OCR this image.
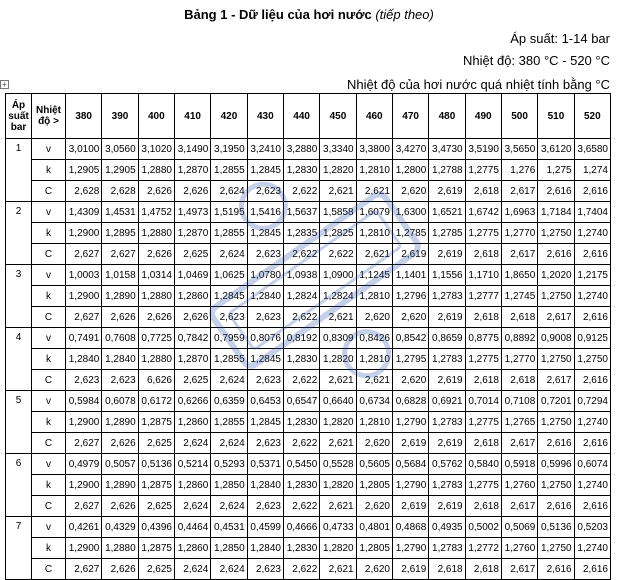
Bảng 1 - Dữ liệu của hơi nước (tiếp theo)
Áp suất: 1-14 bar
Nhiệt độ: 380 °C - 520 °C
Nhiệt độ của hơi nước quá nhiệt tính bằng °C
+
Áp suất bar	Nhiệt độ >	380	390	400	410	420	430	440	450	460	470	480	490	500	510	520
1	v	3,0100	3,0560	3,1020	3,1490	3,1950	3,2410	3,2880	3,3340	3,3800	3,4270	3,4730	3,5190	3,5650	3,6120	3,6580
	k	1,2905	1,2905	1,2880	1,2870	1,2855	1,2845	1,2830	1,2820	1,2810	1,2800	1,2788	1,2775	1,276	1,275	1,274
	C	2,628	2,628	2,626	2,626	2,624	2,623	2,622	2,621	2,621	2,620	2,619	2,618	2,617	2,616	2,616
2	v	1,4309	1,4531	1,4752	1,4973	1,5195	1,5416	1,5637	1,5858	1,6079	1,6300	1,6521	1,6742	1,6963	1,7184	1,7404
	k	1,2900	1,2895	1,2880	1,2870	1,2855	1,2845	1,2835	1,2825	1,2810	1,2785	1,2785	1,2775	1,2770	1,2750	1,2740
	C	2,627	2,627	2,626	2,625	2,624	2,623	2,622	2,622	2,621	2,619	2,619	2,618	2,617	2,616	2,616
3	v	1,0003	1,0158	1,0314	1,0469	1,0625	1,0780	1,0938	1,0900	1,1245	1,1401	1,1556	1,1710	1,8650	1,2020	1,2175
	k	1,2900	1,2890	1,2880	1,2860	1,2845	1,2840	1,2824	1,2824	1,2810	1,2796	1,2783	1,2777	1,2745	1,2750	1,2740
	C	2,627	2,626	2,626	2,626	2,623	2,623	2,622	2,621	2,620	2,620	2,619	2,618	2,618	2,617	2,616
4	v	0,7491	0,7608	0,7725	0,7842	0,7959	0,8076	0,8192	0,8309	0,8426	0,8542	0,8659	0,8775	0,8892	0,9008	0,9125
	k	1,2840	1,2840	1,2880	1,2870	1,2855	1,2845	1,2830	1,2820	1,2810	1,2795	1,2783	1,2775	1,2770	1,2750	1,2750
	C	2,623	2,623	6,626	2,625	2,624	2,623	2,622	2,621	2,621	2,620	2,619	2,618	2,618	2,617	2,616
5	v	0,5984	0,6078	0,6172	0,6266	0,6359	0,6453	0,6547	0,6640	0,6734	0,6828	0,6921	0,7014	0,7108	0,7201	0,7294
	k	1,2900	1,2890	1,2875	1,2860	1,2855	1,2845	1,2830	1,2820	1,2810	1,2790	1,2783	1,2775	1,2765	1,2750	1,2740
	C	2,627	2,626	2,625	2,624	2,624	2,623	2,622	2,621	2,620	2,619	2,619	2,618	2,617	2,616	2,616
6	v	0,4979	0,5057	0,5136	0,5214	0,5293	0,5371	0,5450	0,5528	0,5605	0,5684	0,5762	0,5840	0,5918	0,5996	0,6074
	k	1,2900	1,2890	1,2875	1,2860	1,2850	1,2840	1,2830	1,2820	1,2805	1,2790	1,2783	1,2775	1,2760	1,2750	1,2740
	C	2,627	2,626	2,625	2,624	2,624	2,623	2,622	2,621	2,620	2,619	2,619	2,618	2,617	2,616	2,616
7	v	0,4261	0,4329	0,4396	0,4464	0,4531	0,4599	0,4666	0,4733	0,4801	0,4868	0,4935	0,5002	0,5069	0,5136	0,5203
	k	1,2900	1,2880	1,2875	1,2860	1,2850	1,2840	1,2830	1,2820	1,2805	1,2790	1,2783	1,2772	1,2760	1,2750	1,2740
	C	2,627	2,626	2,625	2,624	2,624	2,623	2,622	2,621	2,620	2,619	2,618	2,618	2,617	2,616	2,616
